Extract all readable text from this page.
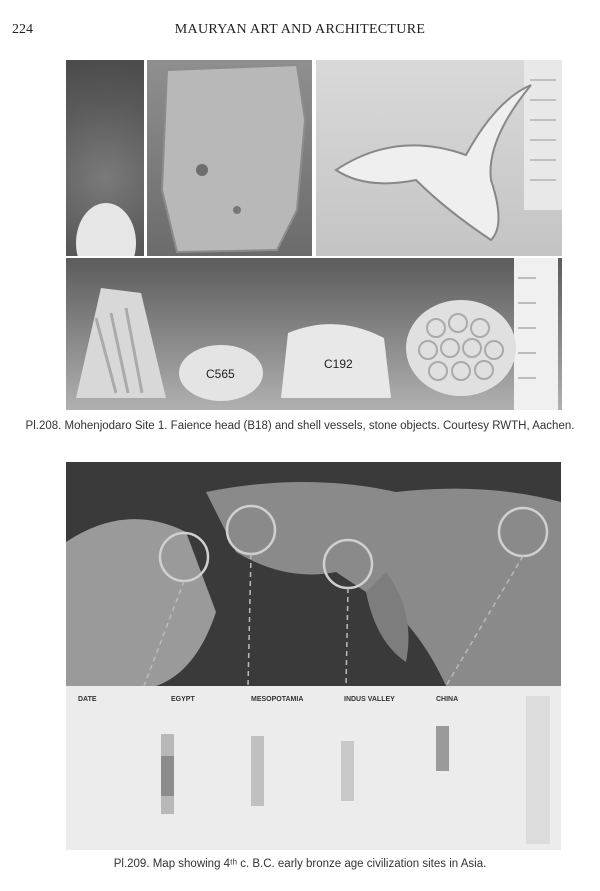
224	MAURYAN ART AND ARCHITECTURE
C565
C192
Pl.208. Mohenjodaro Site 1. Faience head (B18) and shell vessels, stone objects. Courtesy RWTH, Aachen.
DATE	EGYPT	MESOPOTAMIA	INDUS VALLEY	CHINA
Pl.209. Map showing 4ᵗʰ c. B.C. early bronze age civilization sites in Asia.
